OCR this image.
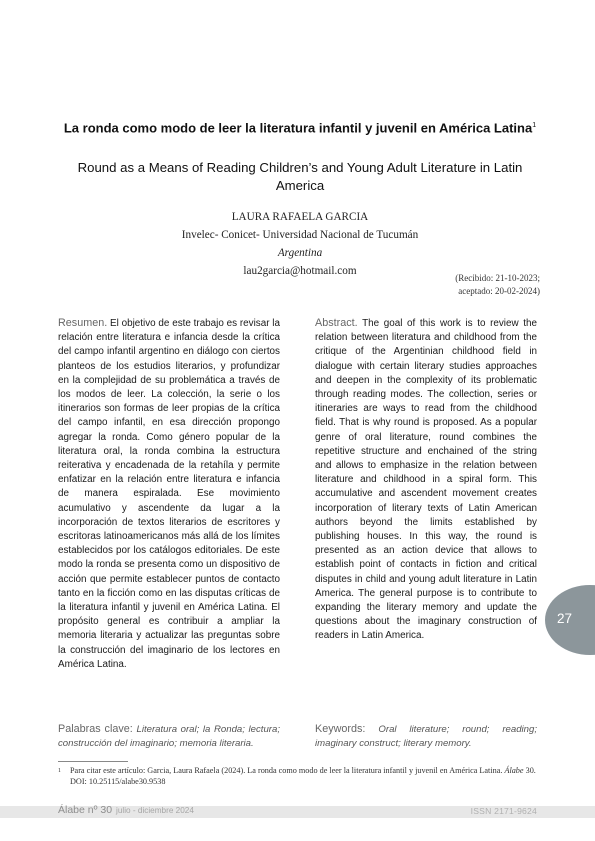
La ronda como modo de leer la literatura infantil y juvenil en América Latina$^1$
Round as a Means of Reading Children’s and Young Adult Literature in Latin America
LAURA RAFAELA GARCIA
Invelec- Conicet- Universidad Nacional de Tucumán
Argentina
lau2garcia@hotmail.com
(Recibido: 21-10-2023;
aceptado: 20-02-2024)
Resumen. El objetivo de este trabajo es revisar la relación entre literatura e infancia desde la crítica del campo infantil argentino en diálogo con ciertos planteos de los estudios literarios, y profundizar en la complejidad de su problemática a través de los modos de leer. La colección, la serie o los itinerarios son formas de leer propias de la crítica del campo infantil, en esa dirección propongo agregar la ronda. Como género popular de la literatura oral, la ronda combina la estructura reiterativa y encadenada de la retahíla y permite enfatizar en la relación entre literatura e infancia de manera espiralada. Ese movimiento acumulativo y ascendente da lugar a la incorporación de textos literarios de escritores y escritoras latinoamericanos más allá de los límites establecidos por los catálogos editoriales. De este modo la ronda se presenta como un dispositivo de acción que permite establecer puntos de contacto tanto en la ficción como en las disputas críticas de la literatura infantil y juvenil en América Latina. El propósito general es contribuir a ampliar la memoria literaria y actualizar las preguntas sobre la construcción del imaginario de los lectores en América Latina.
Abstract. The goal of this work is to review the relation between literatura and childhood from the critique of the Argentinian childhood field in dialogue with certain literary studies approaches and deepen in the complexity of its problematic through reading modes. The collection, series or itineraries are ways to read from the childhood field. That is why round is proposed. As a popular genre of oral literature, round combines the repetitive structure and enchained of the string and allows to emphasize in the relation between literature and childhood in a spiral form. This accumulative and ascendent movement creates incorporation of literary texts of Latin American authors beyond the limits established by publishing houses. In this way, the round is presented as an action device that allows to establish point of contacts in fiction and critical disputes in child and young adult literature in Latin America. The general purpose is to contribute to expanding the literary memory and update the questions about the imaginary construction of readers in Latin America.
Palabras clave: Literatura oral; la Ronda; lectura; construcción del imaginario; memoria literaria.
Keywords: Oral literature; round; reading; imaginary construct; literary memory.
1 Para citar este artículo: Garcia, Laura Rafaela (2024). La ronda como modo de leer la literatura infantil y juvenil en América Latina. Álabe 30. DOI: 10.25115/alabe30.9538
Álabe nº 30 julio - diciembre 2024	ISSN 2171-9624
27
